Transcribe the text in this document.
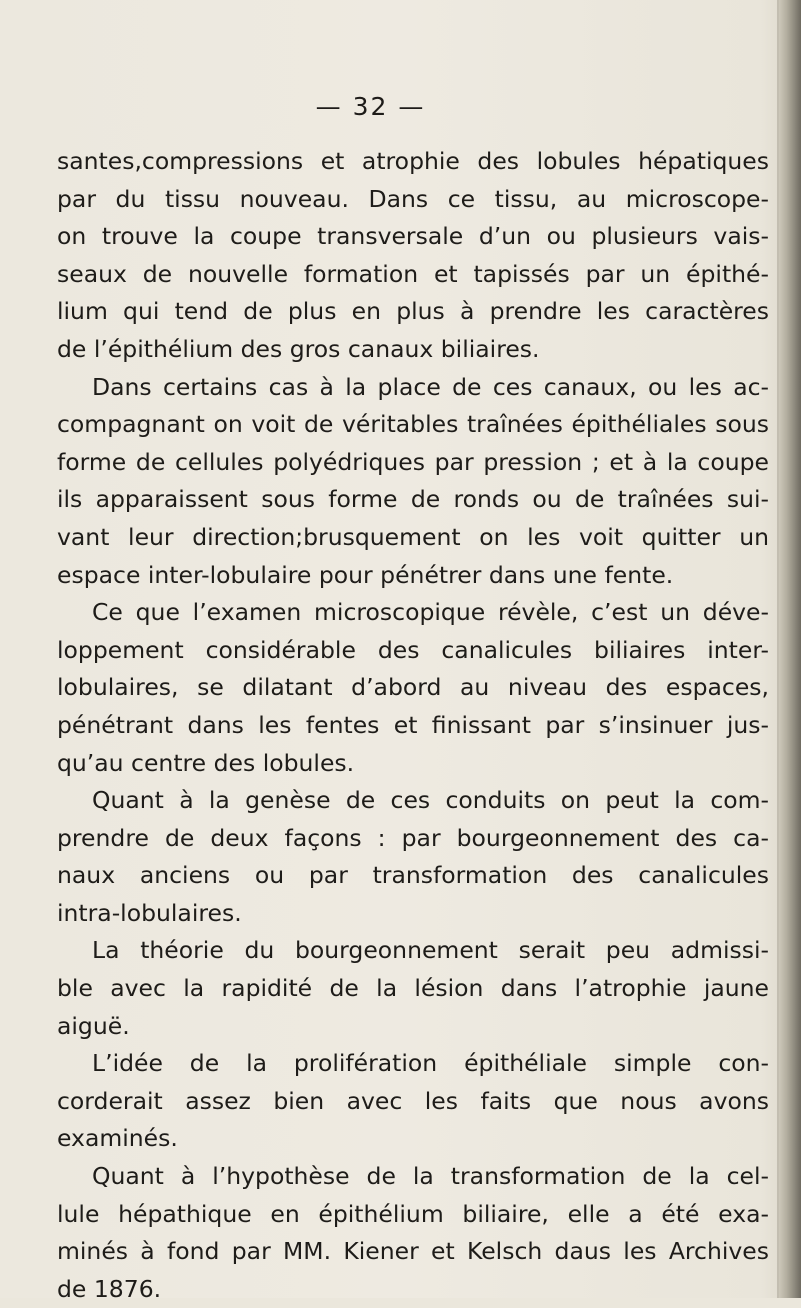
— 32 —
santes,compressions et atrophie des lobules hépatiques
par du tissu nouveau. Dans ce tissu, au microscope-
on trouve la coupe transversale d’un ou plusieurs vais-
seaux de nouvelle formation et tapissés par un épithé-
lium qui tend de plus en plus à prendre les caractères
de l’épithélium des gros canaux biliaires.
Dans certains cas à la place de ces canaux, ou les ac-
compagnant on voit de véritables traînées épithéliales sous
forme de cellules polyédriques par pression ; et à la coupe
ils apparaissent sous forme de ronds ou de traînées sui-
vant leur direction;brusquement on les voit quitter un
espace inter-lobulaire pour pénétrer dans une fente.
Ce que l’examen microscopique révèle, c’est un déve-
loppement considérable des canalicules biliaires inter-
lobulaires, se dilatant d’abord au niveau des espaces,
pénétrant dans les fentes et finissant par s’insinuer jus-
qu’au centre des lobules.
Quant à la genèse de ces conduits on peut la com-
prendre de deux façons : par bourgeonnement des ca-
naux anciens ou par transformation des canalicules
intra-lobulaires.
La théorie du bourgeonnement serait peu admissi-
ble avec la rapidité de la lésion dans l’atrophie jaune
aiguë.
L’idée de la prolifération épithéliale simple con-
corderait assez bien avec les faits que nous avons
examinés.
Quant à l’hypothèse de la transformation de la cel-
lule hépathique en épithélium biliaire, elle a été exa-
minés à fond par MM. Kiener et Kelsch daus les Archives
de 1876.
